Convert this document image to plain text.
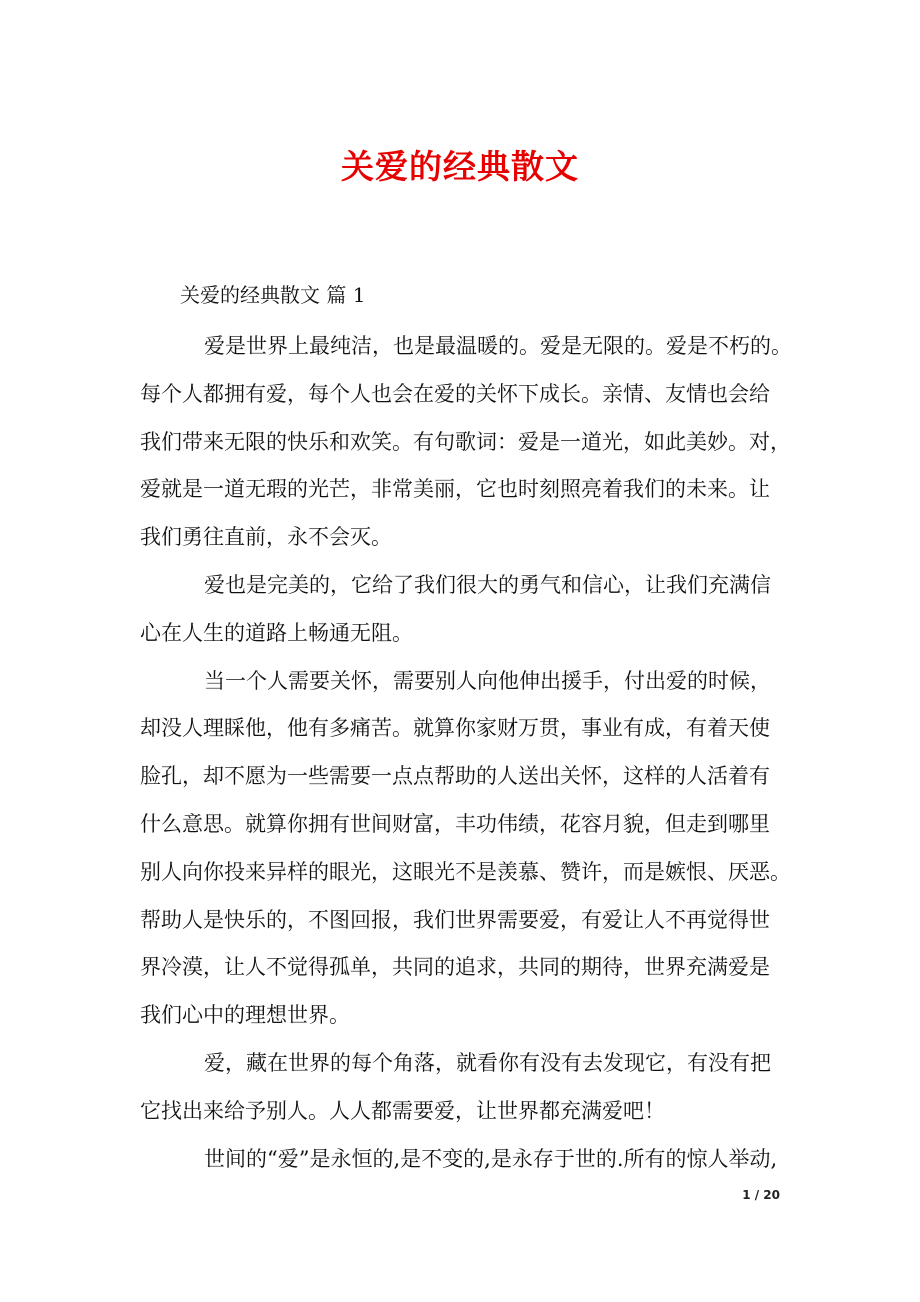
关爱的经典散文

关爱的经典散文 篇 1

爱是世界上最纯洁，也是最温暖的。爱是无限的。爱是不朽的。
每个人都拥有爱，每个人也会在爱的关怀下成长。亲情、友情也会给
我们带来无限的快乐和欢笑。有句歌词：爱是一道光，如此美妙。对，
爱就是一道无瑕的光芒，非常美丽，它也时刻照亮着我们的未来。让
我们勇往直前，永不会灭。
爱也是完美的，它给了我们很大的勇气和信心，让我们充满信
心在人生的道路上畅通无阻。
当一个人需要关怀，需要别人向他伸出援手，付出爱的时候，
却没人理睬他，他有多痛苦。就算你家财万贯，事业有成，有着天使
脸孔，却不愿为一些需要一点点帮助的人送出关怀，这样的人活着有
什么意思。就算你拥有世间财富，丰功伟绩，花容月貌，但走到哪里
别人向你投来异样的眼光，这眼光不是羡慕、赞许，而是嫉恨、厌恶。
帮助人是快乐的，不图回报，我们世界需要爱，有爱让人不再觉得世
界冷漠，让人不觉得孤单，共同的追求，共同的期待，世界充满爱是
我们心中的理想世界。
爱，藏在世界的每个角落，就看你有没有去发现它，有没有把
它找出来给予别人。人人都需要爱，让世界都充满爱吧！
世间的“爱”是永恒的,是不变的,是永存于世的.所有的惊人举动,
1 / 20
